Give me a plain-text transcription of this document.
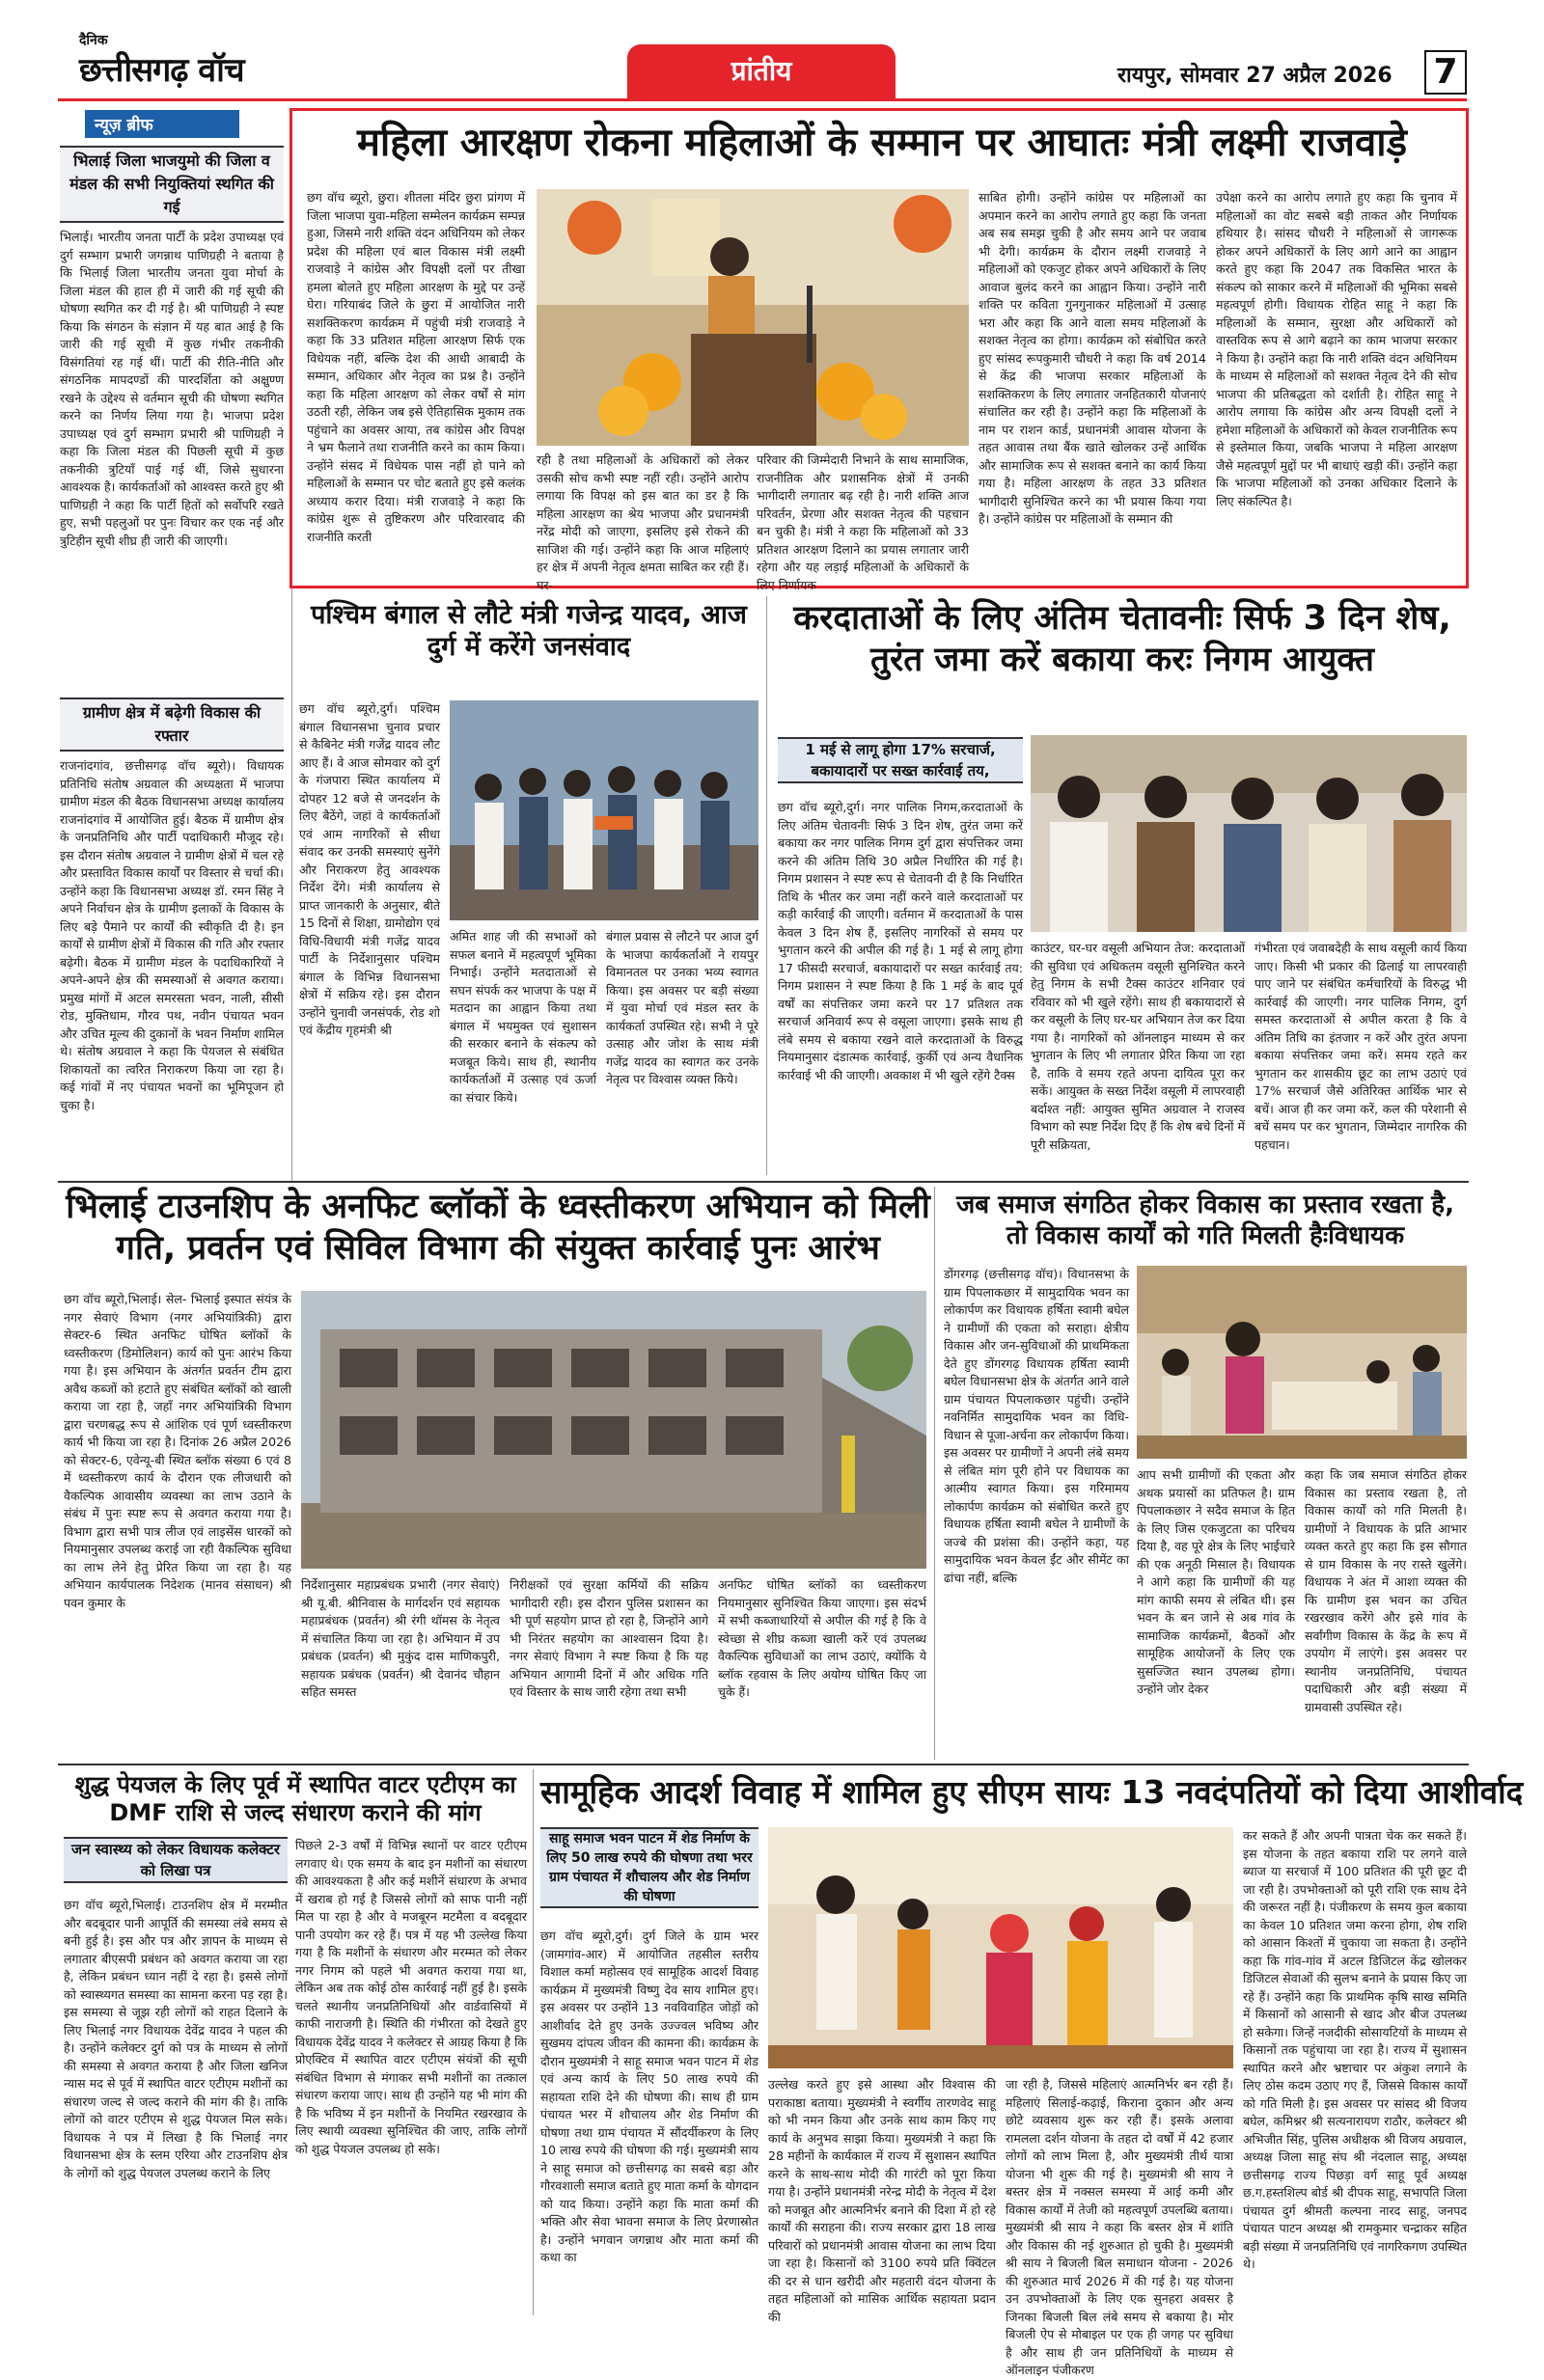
दैनिक
छत्तीसगढ़ वॉच	प्रांतीय	रायपुर, सोमवार 27 अप्रैल 2026 7
न्यूज़ ब्रीफ
भिलाई जिला भाजयुमो की जिला व मंडल की सभी नियुक्तियां स्थगित की गई
भिलाई। भारतीय जनता पार्टी के प्रदेश उपाध्यक्ष एवं दुर्ग सम्भाग प्रभारी जगन्नाथ पाणिग्रही ने बताया है कि भिलाई जिला भारतीय जनता युवा मोर्चा के जिला मंडल की हाल ही में जारी की गई सूची की घोषणा स्थगित कर दी गई है। श्री पाणिग्रही ने स्पष्ट किया कि संगठन के संज्ञान में यह बात आई है कि जारी की गई सूची में कुछ गंभीर तकनीकी विसंगतियां रह गई थीं। पार्टी की रीति-नीति और संगठनिक मापदण्डों की पारदर्शिता को अक्षुण्ण रखने के उद्देश्य से वर्तमान सूची की घोषणा स्थगित करने का निर्णय लिया गया है। भाजपा प्रदेश उपाध्यक्ष एवं दुर्ग सम्भाग प्रभारी श्री पाणिग्रही ने कहा कि जिला मंडल की पिछली सूची में कुछ तकनीकी त्रुटियाँ पाई गई थीं, जिसे सुधारना आवश्यक है। कार्यकर्ताओं को आश्वस्त करते हुए श्री पाणिग्रही ने कहा कि पार्टी हितों को सर्वोपरि रखते हुए, सभी पहलुओं पर पुनः विचार कर एक नई और त्रुटिहीन सूची शीघ्र ही जारी की जाएगी।
ग्रामीण क्षेत्र में बढ़ेगी विकास की रफ्तार
राजनांदगांव, छत्तीसगढ़ वॉच ब्यूरो)। विधायक प्रतिनिधि संतोष अग्रवाल की अध्यक्षता में भाजपा ग्रामीण मंडल की बैठक विधानसभा अध्यक्ष कार्यालय राजनांदगांव में आयोजित हुई। बैठक में ग्रामीण क्षेत्र के जनप्रतिनिधि और पार्टी पदाधिकारी मौजूद रहे। इस दौरान संतोष अग्रवाल ने ग्रामीण क्षेत्रों में चल रहे और प्रस्तावित विकास कार्यों पर विस्तार से चर्चा की। उन्होंने कहा कि विधानसभा अध्यक्ष डॉ. रमन सिंह ने अपने निर्वाचन क्षेत्र के ग्रामीण इलाकों के विकास के लिए बड़े पैमाने पर कार्यों की स्वीकृति दी है। इन कार्यों से ग्रामीण क्षेत्रों में विकास की गति और रफ्तार बढ़ेगी। बैठक में ग्रामीण मंडल के पदाधिकारियों ने अपने-अपने क्षेत्र की समस्याओं से अवगत कराया। प्रमुख मांगों में अटल समरसता भवन, नाली, सीसी रोड, मुक्तिधाम, गौरव पथ, नवीन पंचायत भवन और उचित मूल्य की दुकानों के भवन निर्माण शामिल थे। संतोष अग्रवाल ने कहा कि पेयजल से संबंधित शिकायतों का त्वरित निराकरण किया जा रहा है। कई गांवों में नए पंचायत भवनों का भूमिपूजन हो चुका है।
महिला आरक्षण रोकना महिलाओं के सम्मान पर आघातः मंत्री लक्ष्मी राजवाड़े
छग वॉच ब्यूरो, छुरा। शीतला मंदिर छुरा प्रांगण में जिला भाजपा युवा-महिला सम्मेलन कार्यक्रम सम्पन्न हुआ, जिसमे नारी शक्ति वंदन अधिनियम को लेकर प्रदेश की महिला एवं बाल विकास मंत्री लक्ष्मी राजवाड़े ने कांग्रेस और विपक्षी दलों पर तीखा हमला बोलते हुए महिला आरक्षण के मुद्दे पर उन्हें घेरा। गरियाबंद जिले के छुरा में आयोजित नारी सशक्तिकरण कार्यक्रम में पहुंची मंत्री राजवाड़े ने कहा कि 33 प्रतिशत महिला आरक्षण सिर्फ एक विधेयक नहीं, बल्कि देश की आधी आबादी के सम्मान, अधिकार और नेतृत्व का प्रश्न है। उन्होंने कहा कि महिला आरक्षण को लेकर वर्षों से मांग उठती रही, लेकिन जब इसे ऐतिहासिक मुकाम तक पहुंचाने का अवसर आया, तब कांग्रेस और विपक्ष ने भ्रम फैलाने तथा राजनीति करने का काम किया। उन्होंने संसद में विधेयक पास नहीं हो पाने को महिलाओं के सम्मान पर चोट बताते हुए इसे कलंक अध्याय करार दिया। मंत्री राजवाड़े ने कहा कि कांग्रेस शुरू से तुष्टिकरण और परिवारवाद की राजनीति करती
रही है तथा महिलाओं के अधिकारों को लेकर उसकी सोच कभी स्पष्ट नहीं रही। उन्होंने आरोप लगाया कि विपक्ष को इस बात का डर है कि महिला आरक्षण का श्रेय भाजपा और प्रधानमंत्री नरेंद्र मोदी को जाएगा, इसलिए इसे रोकने की साजिश की गई। उन्होंने कहा कि आज महिलाएं हर क्षेत्र में अपनी नेतृत्व क्षमता साबित कर रही हैं। घर-
परिवार की जिम्मेदारी निभाने के साथ सामाजिक, राजनीतिक और प्रशासनिक क्षेत्रों में उनकी भागीदारी लगातार बढ़ रही है। नारी शक्ति आज परिवर्तन, प्रेरणा और सशक्त नेतृत्व की पहचान बन चुकी है। मंत्री ने कहा कि महिलाओं को 33 प्रतिशत आरक्षण दिलाने का प्रयास लगातार जारी रहेगा और यह लड़ाई महिलाओं के अधिकारों के लिए निर्णायक
साबित होगी। उन्होंने कांग्रेस पर महिलाओं का अपमान करने का आरोप लगाते हुए कहा कि जनता अब सब समझ चुकी है और समय आने पर जवाब भी देगी। कार्यक्रम के दौरान लक्ष्मी राजवाड़े ने महिलाओं को एकजुट होकर अपने अधिकारों के लिए आवाज बुलंद करने का आह्वान किया। उन्होंने नारी शक्ति पर कविता गुनगुनाकर महिलाओं में उत्साह भरा और कहा कि आने वाला समय महिलाओं के सशक्त नेतृत्व का होगा। कार्यक्रम को संबोधित करते हुए सांसद रूपकुमारी चौधरी ने कहा कि वर्ष 2014 से केंद्र की भाजपा सरकार महिलाओं के सशक्तिकरण के लिए लगातार जनहितकारी योजनाएं संचालित कर रही है। उन्होंने कहा कि महिलाओं के नाम पर राशन कार्ड, प्रधानमंत्री आवास योजना के तहत आवास तथा बैंक खाते खोलकर उन्हें आर्थिक और सामाजिक रूप से सशक्त बनाने का कार्य किया गया है। महिला आरक्षण के तहत 33 प्रतिशत भागीदारी सुनिश्चित करने का भी प्रयास किया गया है। उन्होंने कांग्रेस पर महिलाओं के सम्मान की
उपेक्षा करने का आरोप लगाते हुए कहा कि चुनाव में महिलाओं का वोट सबसे बड़ी ताकत और निर्णायक हथियार है। सांसद चौधरी ने महिलाओं से जागरूक होकर अपने अधिकारों के लिए आगे आने का आह्वान करते हुए कहा कि 2047 तक विकसित भारत के संकल्प को साकार करने में महिलाओं की भूमिका सबसे महत्वपूर्ण होगी। विधायक रोहित साहू ने कहा कि महिलाओं के सम्मान, सुरक्षा और अधिकारों को वास्तविक रूप से आगे बढ़ाने का काम भाजपा सरकार ने किया है। उन्होंने कहा कि नारी शक्ति वंदन अधिनियम के माध्यम से महिलाओं को सशक्त नेतृत्व देने की सोच भाजपा की प्रतिबद्धता को दर्शाती है। रोहित साहू ने आरोप लगाया कि कांग्रेस और अन्य विपक्षी दलों ने हमेशा महिलाओं के अधिकारों को केवल राजनीतिक रूप से इस्तेमाल किया, जबकि भाजपा ने महिला आरक्षण जैसे महत्वपूर्ण मुद्दों पर भी बाधाएं खड़ी कीं। उन्होंने कहा कि भाजपा महिलाओं को उनका अधिकार दिलाने के लिए संकल्पित है।
पश्चिम बंगाल से लौटे मंत्री गजेन्द्र यादव, आज दुर्ग में करेंगे जनसंवाद
छग वॉच ब्यूरो,दुर्ग। पश्चिम बंगाल विधानसभा चुनाव प्रचार से कैबिनेट मंत्री गजेंद्र यादव लौट आए हैं। वे आज सोमवार को दुर्ग के गंजपारा स्थित कार्यालय में दोपहर 12 बजे से जनदर्शन के लिए बैठेंगे, जहां वे कार्यकर्ताओं एवं आम नागरिकों से सीधा संवाद कर उनकी समस्याएं सुनेंगे और निराकरण हेतु आवश्यक निर्देश देंगे। मंत्री कार्यालय से प्राप्त जानकारी के अनुसार, बीते 15 दिनों से शिक्षा, ग्रामोद्योग एवं विधि-विधायी मंत्री गजेंद्र यादव पार्टी के निर्देशानुसार पश्चिम बंगाल के विभिन्न विधानसभा क्षेत्रों में सक्रिय रहे। इस दौरान उन्होंने चुनावी जनसंपर्क, रोड शो एवं केंद्रीय गृहमंत्री श्री
अमित शाह जी की सभाओं को सफल बनाने में महत्वपूर्ण भूमिका निभाई। उन्होंने मतदाताओं से सघन संपर्क कर भाजपा के पक्ष में मतदान का आह्वान किया तथा बंगाल में भयमुक्त एवं सुशासन की सरकार बनाने के संकल्प को मजबूत किये। साथ ही, स्थानीय कार्यकर्ताओं में उत्साह एवं ऊर्जा का संचार किये।
बंगाल प्रवास से लौटने पर आज दुर्ग के भाजपा कार्यकर्ताओं ने रायपुर विमानतल पर उनका भव्य स्वागत किया। इस अवसर पर बड़ी संख्या में युवा मोर्चा एवं मंडल स्तर के कार्यकर्ता उपस्थित रहे। सभी ने पूरे उत्साह और जोश के साथ मंत्री गजेंद्र यादव का स्वागत कर उनके नेतृत्व पर विश्वास व्यक्त किये।
करदाताओं के लिए अंतिम चेतावनीः सिर्फ 3 दिन शेष, तुरंत जमा करें बकाया करः निगम आयुक्त
1 मई से लागू होगा 17% सरचार्ज, बकायादारों पर सख्त कार्रवाई तय,
छग वॉच ब्यूरो,दुर्ग। नगर पालिक निगम,करदाताओं के लिए अंतिम चेतावनीः सिर्फ 3 दिन शेष, तुरंत जमा करें बकाया कर नगर पालिक निगम दुर्ग द्वारा संपत्तिकर जमा करने की अंतिम तिथि 30 अप्रैल निर्धारित की गई है। निगम प्रशासन ने स्पष्ट रूप से चेतावनी दी है कि निर्धारित तिथि के भीतर कर जमा नहीं करने वाले करदाताओं पर कड़ी कार्रवाई की जाएगी। वर्तमान में करदाताओं के पास केवल 3 दिन शेष हैं, इसलिए नागरिकों से समय पर भुगतान करने की अपील की गई है। 1 मई से लागू होगा 17 फीसदी सरचार्ज, बकायादारों पर सख्त कार्रवाई तय: निगम प्रशासन ने स्पष्ट किया है कि 1 मई के बाद पूर्व वर्षों का संपत्तिकर जमा करने पर 17 प्रतिशत तक सरचार्ज अनिवार्य रूप से वसूला जाएगा। इसके साथ ही लंबे समय से बकाया रखने वाले करदाताओं के विरुद्ध नियमानुसार दंडात्मक कार्रवाई, कुर्की एवं अन्य वैधानिक कार्रवाई भी की जाएगी। अवकाश में भी खुले रहेंगे टैक्स
काउंटर, घर-घर वसूली अभियान तेज: करदाताओं की सुविधा एवं अधिकतम वसूली सुनिश्चित करने हेतु निगम के सभी टैक्स काउंटर शनिवार एवं रविवार को भी खुले रहेंगे। साथ ही बकायादारों से कर वसूली के लिए घर-घर अभियान तेज कर दिया गया है। नागरिकों को ऑनलाइन माध्यम से कर भुगतान के लिए भी लगातार प्रेरित किया जा रहा है, ताकि वे समय रहते अपना दायित्व पूरा कर सकें। आयुक्त के सख्त निर्देश वसूली में लापरवाही बर्दाश्त नहीं: आयुक्त सुमित अग्रवाल ने राजस्व विभाग को स्पष्ट निर्देश दिए हैं कि शेष बचे दिनों में पूरी सक्रियता,
गंभीरता एवं जवाबदेही के साथ वसूली कार्य किया जाए। किसी भी प्रकार की ढिलाई या लापरवाही पाए जाने पर संबंधित कर्मचारियों के विरुद्ध भी कार्रवाई की जाएगी। नगर पालिक निगम, दुर्ग समस्त करदाताओं से अपील करता है कि वे अंतिम तिथि का इंतजार न करें और तुरंत अपना बकाया संपत्तिकर जमा करें। समय रहते कर भुगतान कर शासकीय छूट का लाभ उठाएं एवं 17% सरचार्ज जैसे अतिरिक्त आर्थिक भार से बचें। आज ही कर जमा करें, कल की परेशानी से बचें समय पर कर भुगतान, जिम्मेदार नागरिक की पहचान।
भिलाई टाउनशिप के अनफिट ब्लॉकों के ध्वस्तीकरण अभियान को मिली गति, प्रवर्तन एवं सिविल विभाग की संयुक्त कार्रवाई पुनः आरंभ
छग वॉच ब्यूरो,भिलाई। सेल- भिलाई इस्पात संयंत्र के नगर सेवाएं विभाग (नगर अभियांत्रिकी) द्वारा सेक्टर-6 स्थित अनफिट घोषित ब्लॉकों के ध्वस्तीकरण (डिमोलिशन) कार्य को पुनः आरंभ किया गया है। इस अभियान के अंतर्गत प्रवर्तन टीम द्वारा अवैध कब्जों को हटाते हुए संबंधित ब्लॉकों को खाली कराया जा रहा है, जहाँ नगर अभियांत्रिकी विभाग द्वारा चरणबद्ध रूप से आंशिक एवं पूर्ण ध्वस्तीकरण कार्य भी किया जा रहा है। दिनांक 26 अप्रैल 2026 को सेक्टर-6, एवेन्यू-बी स्थित ब्लॉक संख्या 6 एवं 8 में ध्वस्तीकरण कार्य के दौरान एक लीजधारी को वैकल्पिक आवासीय व्यवस्था का लाभ उठाने के संबंध में पुनः स्पष्ट रूप से अवगत कराया गया है। विभाग द्वारा सभी पात्र लीज एवं लाइसेंस धारकों को नियमानुसार उपलब्ध कराई जा रही वैकल्पिक सुविधा का लाभ लेने हेतु प्रेरित किया जा रहा है। यह अभियान कार्यपालक निदेशक (मानव संसाधन) श्री पवन कुमार के
निर्देशानुसार महाप्रबंधक प्रभारी (नगर सेवाएं) श्री यू.बी. श्रीनिवास के मार्गदर्शन एवं सहायक महाप्रबंधक (प्रवर्तन) श्री रंगी थॉमस के नेतृत्व में संचालित किया जा रहा है। अभियान में उप प्रबंधक (प्रवर्तन) श्री मुकुंद दास माणिकपुरी, सहायक प्रबंधक (प्रवर्तन) श्री देवानंद चौहान सहित समस्त
निरीक्षकों एवं सुरक्षा कर्मियों की सक्रिय भागीदारी रही। इस दौरान पुलिस प्रशासन का भी पूर्ण सहयोग प्राप्त हो रहा है, जिन्होंने आगे भी निरंतर सहयोग का आश्वासन दिया है। नगर सेवाएं विभाग ने स्पष्ट किया है कि यह अभियान आगामी दिनों में और अधिक गति एवं विस्तार के साथ जारी रहेगा तथा सभी
अनफिट घोषित ब्लॉकों का ध्वस्तीकरण नियमानुसार सुनिश्चित किया जाएगा। इस संदर्भ में सभी कब्जाधारियों से अपील की गई है कि वे स्वेच्छा से शीघ्र कब्जा खाली करें एवं उपलब्ध वैकल्पिक सुविधाओं का लाभ उठाएं, क्योंकि ये ब्लॉक रहवास के लिए अयोग्य घोषित किए जा चुके हैं।
जब समाज संगठित होकर विकास का प्रस्ताव रखता है, तो विकास कार्यों को गति मिलती हैःविधायक
डोंगरगढ़ (छत्तीसगढ़ वॉच)। विधानसभा के ग्राम पिपलाकछार में सामुदायिक भवन का लोकार्पण कर विधायक हर्षिता स्वामी बघेल ने ग्रामीणों की एकता को सराहा। क्षेत्रीय विकास और जन-सुविधाओं की प्राथमिकता देते हुए डोंगरगढ़ विधायक हर्षिता स्वामी बघेल विधानसभा क्षेत्र के अंतर्गत आने वाले ग्राम पंचायत पिपलाकछार पहुंची। उन्होंने नवनिर्मित सामुदायिक भवन का विधि-विधान से पूजा-अर्चना कर लोकार्पण किया। इस अवसर पर ग्रामीणों ने अपनी लंबे समय से लंबित मांग पूरी होने पर विधायक का आत्मीय स्वागत किया। इस गरिमामय लोकार्पण कार्यक्रम को संबोधित करते हुए विधायक हर्षिता स्वामी बघेल ने ग्रामीणों के जज्बे की प्रशंसा की। उन्होंने कहा, यह सामुदायिक भवन केवल ईंट और सीमेंट का ढांचा नहीं, बल्कि
आप सभी ग्रामीणों की एकता और अथक प्रयासों का प्रतिफल है। ग्राम पिपलाकछार ने सदैव समाज के हित के लिए जिस एकजुटता का परिचय दिया है, वह पूरे क्षेत्र के लिए भाईचारे की एक अनूठी मिसाल है। विधायक ने आगे कहा कि ग्रामीणों की यह मांग काफी समय से लंबित थी। इस भवन के बन जाने से अब गांव के सामाजिक कार्यक्रमों, बैठकों और सामूहिक आयोजनों के लिए एक सुसज्जित स्थान उपलब्ध होगा। उन्होंने जोर देकर
कहा कि जब समाज संगठित होकर विकास का प्रस्ताव रखता है, तो विकास कार्यों को गति मिलती है। ग्रामीणों ने विधायक के प्रति आभार व्यक्त करते हुए कहा कि इस सौगात से ग्राम विकास के नए रास्ते खुलेंगे। विधायक ने अंत में आशा व्यक्त की कि ग्रामीण इस भवन का उचित रखरखाव करेंगे और इसे गांव के सर्वांगीण विकास के केंद्र के रूप में उपयोग में लाएंगे। इस अवसर पर स्थानीय जनप्रतिनिधि, पंचायत पदाधिकारी और बड़ी संख्या में ग्रामवासी उपस्थित रहे।
शुद्ध पेयजल के लिए पूर्व में स्थापित वाटर एटीएम का DMF राशि से जल्द संधारण कराने की मांग
जन स्वास्थ्य को लेकर विधायक कलेक्टर को लिखा पत्र
छग वॉच ब्यूरो,भिलाई। टाउनशिप क्षेत्र में मरम्मीत और बदबूदार पानी आपूर्ति की समस्या लंबे समय से बनी हुई है। इस और पत्र और ज्ञापन के माध्यम से लगातार बीएसपी प्रबंधन को अवगत कराया जा रहा है, लेकिन प्रबंधन ध्यान नहीं दे रहा है। इससे लोगों को स्वास्थ्यगत समस्या का सामना करना पड़ रहा है। इस समस्या से जूझ रही लोगों को राहत दिलाने के लिए भिलाई नगर विधायक देवेंद्र यादव ने पहल की है। उन्होंने कलेक्टर दुर्ग को पत्र के माध्यम से लोगों की समस्या से अवगत कराया है और जिला खनिज न्यास मद से पूर्व में स्थापित वाटर एटीएम मशीनों का संधारण जल्द से जल्द कराने की मांग की है। ताकि लोगों को वाटर एटीएम से शुद्ध पेयजल मिल सके। विधायक ने पत्र में लिखा है कि भिलाई नगर विधानसभा क्षेत्र के स्लम एरिया और टाउनशिप क्षेत्र के लोगों को शुद्ध पेयजल उपलब्ध कराने के लिए
पिछले 2-3 वर्षों में विभिन्न स्थानों पर वाटर एटीएम लगवाए थे। एक समय के बाद इन मशीनों का संधारण की आवश्यकता है और कई मशीनें संधारण के अभाव में खराब हो गई है जिससे लोगों को साफ पानी नहीं मिल पा रहा है और वे मजबूरन मटमैला व बदबूदार पानी उपयोग कर रहे हैं। पत्र में यह भी उल्लेख किया गया है कि मशीनों के संधारण और मरम्मत को लेकर नगर निगम को पहले भी अवगत कराया गया था, लेकिन अब तक कोई ठोस कार्रवाई नहीं हुई है। इसके चलते स्थानीय जनप्रतिनिधियों और वार्डवासियों में काफी नाराजगी है। स्थिति की गंभीरता को देखते हुए विधायक देवेंद्र यादव ने कलेक्टर से आग्रह किया है कि प्रोएक्टिव में स्थापित वाटर एटीएम संयंत्रों की सूची संबंधित विभाग से मंगाकर सभी मशीनों का तत्काल संधारण कराया जाए। साथ ही उन्होंने यह भी मांग की है कि भविष्य में इन मशीनों के नियमित रखरखाव के लिए स्थायी व्यवस्था सुनिश्चित की जाए, ताकि लोगों को शुद्ध पेयजल उपलब्ध हो सके।
सामूहिक आदर्श विवाह में शामिल हुए सीएम सायः 13 नवदंपतियों को दिया आशीर्वाद
साहू समाज भवन पाटन में शेड निर्माण के लिए 50 लाख रुपये की घोषणा तथा भरर ग्राम पंचायत में शौचालय और शेड निर्माण की घोषणा
छग वॉच ब्यूरो,दुर्ग। दुर्ग जिले के ग्राम भरर (जामगांव-आर) में आयोजित तहसील स्तरीय विशाल कर्मा महोत्सव एवं सामूहिक आदर्श विवाह कार्यक्रम में मुख्यमंत्री विष्णु देव साय शामिल हुए। इस अवसर पर उन्होंने 13 नवविवाहित जोड़ों को आशीर्वाद देते हुए उनके उज्ज्वल भविष्य और सुखमय दांपत्य जीवन की कामना की। कार्यक्रम के दौरान मुख्यमंत्री ने साहू समाज भवन पाटन में शेड एवं अन्य कार्य के लिए 50 लाख रुपये की सहायता राशि देने की घोषणा की। साथ ही ग्राम पंचायत भरर में शौचालय और शेड निर्माण की घोषणा तथा ग्राम पंचायत में सौंदर्यीकरण के लिए 10 लाख रुपये की घोषणा की गई। मुख्यमंत्री साय ने साहू समाज को छत्तीसगढ़ का सबसे बड़ा और गौरवशाली समाज बताते हुए माता कर्मा के योगदान को याद किया। उन्होंने कहा कि माता कर्मा की भक्ति और सेवा भावना समाज के लिए प्रेरणास्रोत है। उन्होंने भगवान जगन्नाथ और माता कर्मा की कथा का
उल्लेख करते हुए इसे आस्था और विश्वास की पराकाष्ठा बताया। मुख्यमंत्री ने स्वर्गीय तारणवेद साहू को भी नमन किया और उनके साथ काम किए गए कार्य के अनुभव साझा किया। मुख्यमंत्री ने कहा कि 28 महीनों के कार्यकाल में राज्य में सुशासन स्थापित करने के साथ-साथ मोदी की गारंटी को पूरा किया गया है। उन्होंने प्रधानमंत्री नरेन्द्र मोदी के नेतृत्व में देश को मजबूत और आत्मनिर्भर बनाने की दिशा में हो रहे कार्यों की सराहना की। राज्य सरकार द्वारा 18 लाख परिवारों को प्रधानमंत्री आवास योजना का लाभ दिया जा रहा है। किसानों को 3100 रुपये प्रति क्विंटल की दर से धान खरीदी और महतारी वंदन योजना के तहत महिलाओं को मासिक आर्थिक सहायता प्रदान की
जा रही है, जिससे महिलाएं आत्मनिर्भर बन रही हैं। महिलाएं सिलाई-कढ़ाई, किराना दुकान और अन्य छोटे व्यवसाय शुरू कर रही हैं। इसके अलावा रामलला दर्शन योजना के तहत दो वर्षों में 42 हजार लोगों को लाभ मिला है, और मुख्यमंत्री तीर्थ यात्रा योजना भी शुरू की गई है। मुख्यमंत्री श्री साय ने बस्तर क्षेत्र में नक्सल समस्या में आई कमी और विकास कार्यों में तेजी को महत्वपूर्ण उपलब्धि बताया। मुख्यमंत्री श्री साय ने कहा कि बस्तर क्षेत्र में शांति और विकास की नई शुरुआत हो चुकी है। मुख्यमंत्री श्री साय ने बिजली बिल समाधान योजना - 2026 की शुरुआत मार्च 2026 में की गई है। यह योजना उन उपभोक्ताओं के लिए एक सुनहरा अवसर है जिनका बिजली बिल लंबे समय से बकाया है। मोर बिजली ऐप से मोबाइल पर एक ही जगह पर सुविधा है और साथ ही जन प्रतिनिधियों के माध्यम से ऑनलाइन पंजीकरण
कर सकते हैं और अपनी पात्रता चेक कर सकते हैं। इस योजना के तहत बकाया राशि पर लगने वाले ब्याज या सरचार्ज में 100 प्रतिशत की पूरी छूट दी जा रही है। उपभोक्ताओं को पूरी राशि एक साथ देने की जरूरत नहीं है। पंजीकरण के समय कुल बकाया का केवल 10 प्रतिशत जमा करना होगा, शेष राशि को आसान किश्तों में चुकाया जा सकता है। उन्होंने कहा कि गांव-गांव में अटल डिजिटल केंद्र खोलकर डिजिटल सेवाओं की सुलभ बनाने के प्रयास किए जा रहे हैं। उन्होंने कहा कि प्राथमिक कृषि साख समिति में किसानों को आसानी से खाद और बीज उपलब्ध हो सकेगा। जिन्हें नजदीकी सोसायटियों के माध्यम से किसानों तक पहुंचाया जा रहा है। राज्य में सुशासन स्थापित करने और भ्रष्टाचार पर अंकुश लगाने के लिए ठोस कदम उठाए गए हैं, जिससे विकास कार्यों को गति मिली है। इस अवसर पर सांसद श्री विजय बघेल, कमिश्नर श्री सत्यनारायण राठौर, कलेक्टर श्री अभिजीत सिंह, पुलिस अधीक्षक श्री विजय अग्रवाल, अध्यक्ष जिला साहू संघ श्री नंदलाल साहू, अध्यक्ष छत्तीसगढ़ राज्य पिछड़ा वर्ग साहू पूर्व अध्यक्ष छ.ग.हस्तशिल्प बोर्ड श्री दीपक साहू, सभापति जिला पंचायत दुर्ग श्रीमती कल्पना नारद साहू, जनपद पंचायत पाटन अध्यक्ष श्री रामकुमार चन्द्राकर सहित बड़ी संख्या में जनप्रतिनिधि एवं नागरिकगण उपस्थित थे।
